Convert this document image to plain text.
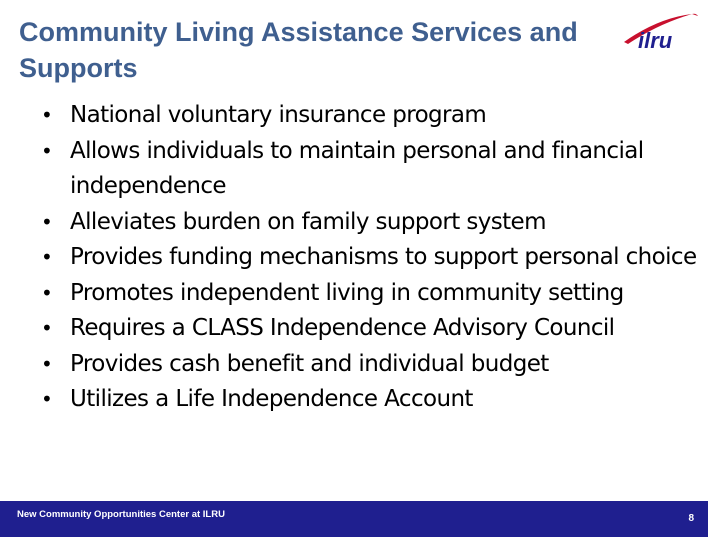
Community Living Assistance Services and Supports
ilru
• National voluntary insurance program
• Allows individuals to maintain personal and financial independence
• Alleviates burden on family support system
• Provides funding mechanisms to support personal choice
• Promotes independent living in community setting
• Requires a CLASS Independence Advisory Council
• Provides cash benefit and individual budget
• Utilizes a Life Independence Account
New Community Opportunities Center at ILRU	8
